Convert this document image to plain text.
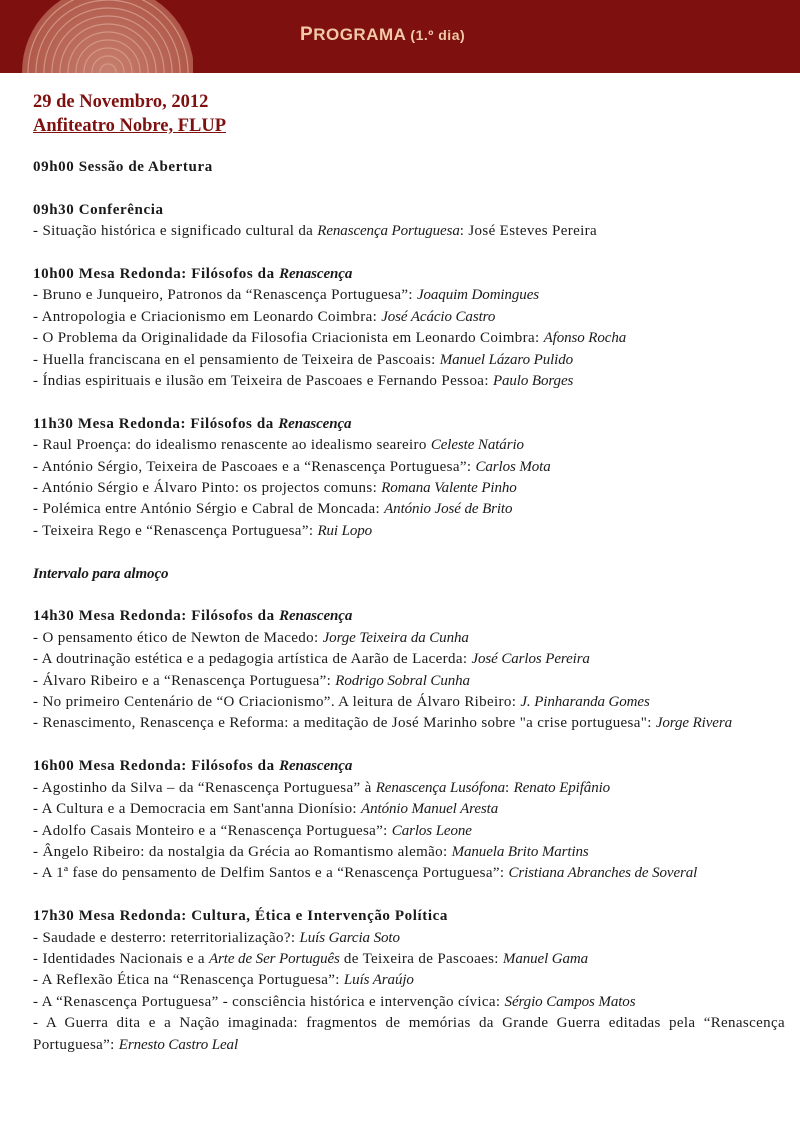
PROGRAMA (1.º dia)
29 de Novembro, 2012
Anfiteatro Nobre, FLUP
09h00 Sessão de Abertura
09h30 Conferência
- Situação histórica e significado cultural da Renascença Portuguesa: José Esteves Pereira
10h00 Mesa Redonda: Filósofos da Renascença
- Bruno e Junqueiro, Patronos da “Renascença Portuguesa”: Joaquim Domingues
- Antropologia e Criacionismo em Leonardo Coimbra: José Acácio Castro
- O Problema da Originalidade da Filosofia Criacionista em Leonardo Coimbra: Afonso Rocha
- Huella franciscana en el pensamiento de Teixeira de Pascoais: Manuel Lázaro Pulido
- Índias espirituais e ilusão em Teixeira de Pascoaes e Fernando Pessoa: Paulo Borges
11h30 Mesa Redonda: Filósofos da Renascença
- Raul Proença: do idealismo renascente ao idealismo seareiro Celeste Natário
- António Sérgio, Teixeira de Pascoaes e a “Renascença Portuguesa”: Carlos Mota
- António Sérgio e Álvaro Pinto: os projectos comuns: Romana Valente Pinho
- Polémica entre António Sérgio e Cabral de Moncada: António José de Brito
- Teixeira Rego e “Renascença Portuguesa”: Rui Lopo
Intervalo para almoço
14h30 Mesa Redonda: Filósofos da Renascença
- O pensamento ético de Newton de Macedo: Jorge Teixeira da Cunha
- A doutrinação estética e a pedagogia artística de Aarão de Lacerda: José Carlos Pereira
- Álvaro Ribeiro e a “Renascença Portuguesa”: Rodrigo Sobral Cunha
- No primeiro Centenário de “O Criacionismo”. A leitura de Álvaro Ribeiro: J. Pinharanda Gomes
- Renascimento, Renascença e Reforma: a meditação de José Marinho sobre "a crise portuguesa": Jorge Rivera
16h00 Mesa Redonda: Filósofos da Renascença
- Agostinho da Silva – da “Renascença Portuguesa” à Renascença Lusófona: Renato Epifânio
- A Cultura e a Democracia em Sant'anna Dionísio: António Manuel Aresta
- Adolfo Casais Monteiro e a “Renascença Portuguesa”: Carlos Leone
- Ângelo Ribeiro: da nostalgia da Grécia ao Romantismo alemão: Manuela Brito Martins
- A 1ª fase do pensamento de Delfim Santos e a “Renascença Portuguesa”: Cristiana Abranches de Soveral
17h30 Mesa Redonda: Cultura, Ética e Intervenção Política
- Saudade e desterro: reterritorialização?: Luís Garcia Soto
- Identidades Nacionais e a Arte de Ser Português de Teixeira de Pascoaes: Manuel Gama
- A Reflexão Ética na “Renascença Portuguesa”: Luís Araújo
- A “Renascença Portuguesa” - consciência histórica e intervenção cívica: Sérgio Campos Matos
- A Guerra dita e a Nação imaginada: fragmentos de memórias da Grande Guerra editadas pela “Renascença Portuguesa”: Ernesto Castro Leal
